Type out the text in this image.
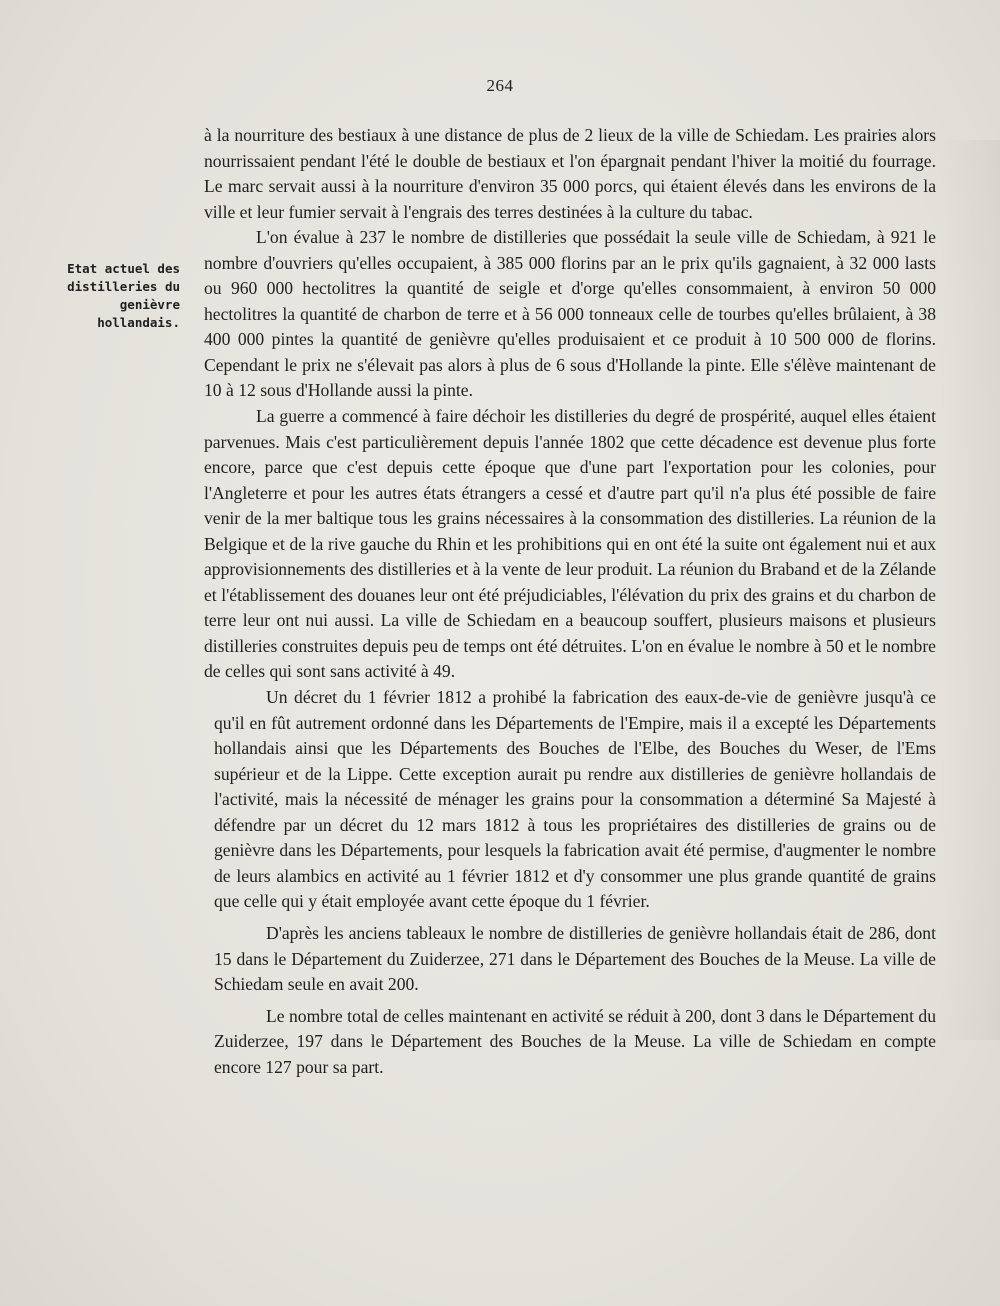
264
Etat actuel des distilleries du genièvre hollandais.

à la nourriture des bestiaux à une distance de plus de 2 lieux de la ville de Schiedam. Les prairies alors nourrissaient pendant l'été le double de bestiaux et l'on épargnait pendant l'hiver la moitié du fourrage. Le marc servait aussi à la nourriture d'environ 35 000 porcs, qui étaient élevés dans les environs de la ville et leur fumier servait à l'engrais des terres destinées à la culture du tabac.

L'on évalue à 237 le nombre de distilleries que possédait la seule ville de Schiedam, à 921 le nombre d'ouvriers qu'elles occupaient, à 385 000 florins par an le prix qu'ils gagnaient, à 32 000 lasts ou 960 000 hectolitres la quantité de seigle et d'orge qu'elles consommaient, à environ 50 000 hectolitres la quantité de charbon de terre et à 56 000 tonneaux celle de tourbes qu'elles brûlaient, à 38 400 000 pintes la quantité de genièvre qu'elles produisaient et ce produit à 10 500 000 de florins. Cependant le prix ne s'élevait pas alors à plus de 6 sous d'Hollande la pinte. Elle s'élève maintenant de 10 à 12 sous d'Hollande aussi la pinte.

La guerre a commencé à faire déchoir les distilleries du degré de prospérité, auquel elles étaient parvenues. Mais c'est particulièrement depuis l'année 1802 que cette décadence est devenue plus forte encore, parce que c'est depuis cette époque que d'une part l'exportation pour les colonies, pour l'Angleterre et pour les autres états étrangers a cessé et d'autre part qu'il n'a plus été possible de faire venir de la mer baltique tous les grains nécessaires à la consommation des distilleries. La réunion de la Belgique et de la rive gauche du Rhin et les prohibitions qui en ont été la suite ont également nui et aux approvisionnements des distilleries et à la vente de leur produit. La réunion du Braband et de la Zélande et l'établissement des douanes leur ont été préjudiciables, l'élévation du prix des grains et du charbon de terre leur ont nui aussi. La ville de Schiedam en a beaucoup souffert, plusieurs maisons et plusieurs distilleries construites depuis peu de temps ont été détruites. L'on en évalue le nombre à 50 et le nombre de celles qui sont sans activité à 49.

Un décret du 1 février 1812 a prohibé la fabrication des eaux-de-vie de genièvre jusqu'à ce qu'il en fût autrement ordonné dans les Départements de l'Empire, mais il a excepté les Départements hollandais ainsi que les Départements des Bouches de l'Elbe, des Bouches du Weser, de l'Ems supérieur et de la Lippe. Cette exception aurait pu rendre aux distilleries de genièvre hollandais de l'activité, mais la nécessité de ménager les grains pour la consommation a déterminé Sa Majesté à défendre par un décret du 12 mars 1812 à tous les propriétaires des distilleries de grains ou de genièvre dans les Départements, pour lesquels la fabrication avait été permise, d'augmenter le nombre de leurs alambics en activité au 1 février 1812 et d'y consommer une plus grande quantité de grains que celle qui y était employée avant cette époque du 1 février.

D'après les anciens tableaux le nombre de distilleries de genièvre hollandais était de 286, dont 15 dans le Département du Zuiderzee, 271 dans le Département des Bouches de la Meuse. La ville de Schiedam seule en avait 200.

Le nombre total de celles maintenant en activité se réduit à 200, dont 3 dans le Département du Zuiderzee, 197 dans le Département des Bouches de la Meuse. La ville de Schiedam en compte encore 127 pour sa part.
